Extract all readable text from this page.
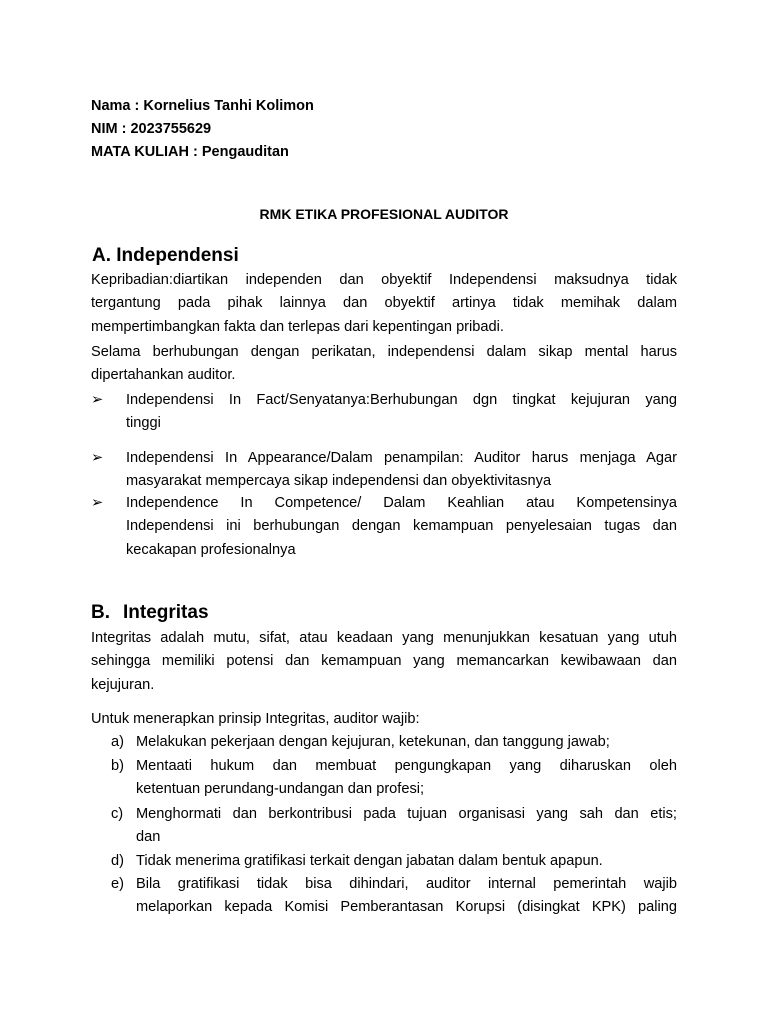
Nama : Kornelius Tanhi Kolimon
NIM : 2023755629
MATA KULIAH : Pengauditan
RMK ETIKA PROFESIONAL AUDITOR
A. Independensi
Kepribadian:diartikan independen dan obyektif Independensi maksudnya tidak
tergantung pada pihak lainnya dan obyektif artinya tidak memihak dalam
mempertimbangkan fakta dan terlepas dari kepentingan pribadi.
Selama berhubungan dengan perikatan, independensi dalam sikap mental harus
dipertahankan auditor.
➢	Independensi In Fact/Senyatanya:Berhubungan dgn tingkat kejujuran yang
tinggi
➢	Independensi In Appearance/Dalam penampilan: Auditor harus menjaga Agar
masyarakat mempercaya sikap independensi dan obyektivitasnya
➢	Independence In Competence/ Dalam Keahlian atau Kompetensinya
Independensi ini berhubungan dengan kemampuan penyelesaian tugas dan
kecakapan profesionalnya
B. Integritas
Integritas adalah mutu, sifat, atau keadaan yang menunjukkan kesatuan yang utuh
sehingga memiliki potensi dan kemampuan yang memancarkan kewibawaan dan
kejujuran.
Untuk menerapkan prinsip Integritas, auditor wajib:
a) Melakukan pekerjaan dengan kejujuran, ketekunan, dan tanggung jawab;
b) Mentaati hukum dan membuat pengungkapan yang diharuskan oleh
ketentuan perundang-undangan dan profesi;
c) Menghormati dan berkontribusi pada tujuan organisasi yang sah dan etis;
dan
d) Tidak menerima gratifikasi terkait dengan jabatan dalam bentuk apapun.
e) Bila gratifikasi tidak bisa dihindari, auditor internal pemerintah wajib
melaporkan kepada Komisi Pemberantasan Korupsi (disingkat KPK) paling
